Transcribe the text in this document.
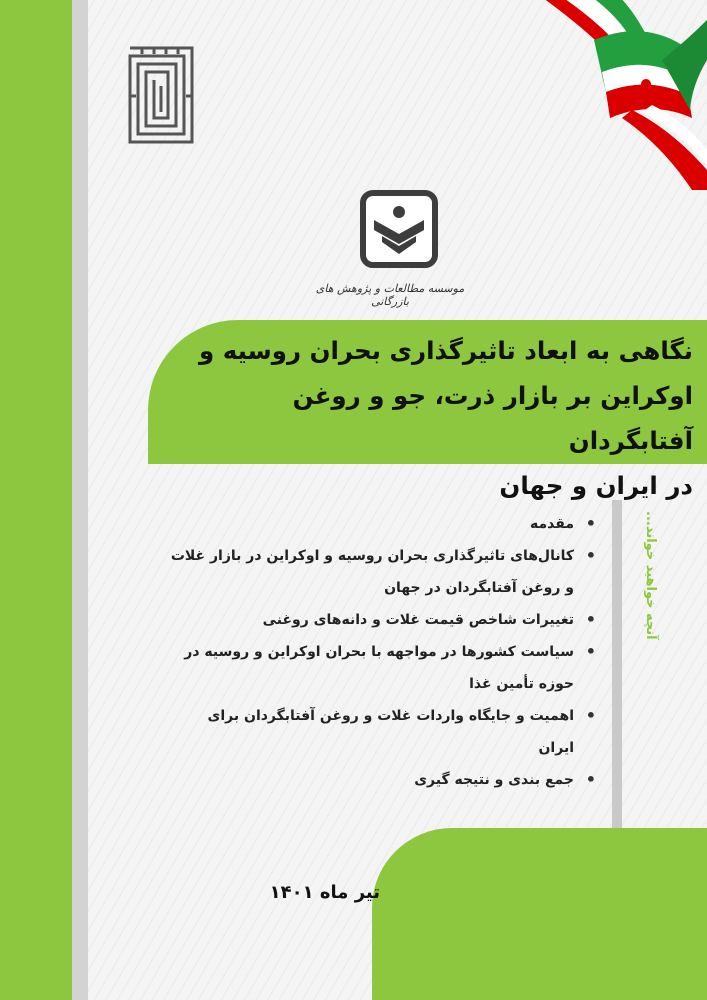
موسسه مطالعات و پژوهش های بازرگانی
نگاهی به ابعاد تاثیرگذاری بحران روسیه و
اوکراین بر بازار ذرت، جو و روغن آفتابگردان
در ایران و جهان
• مقدمه
• کانال‌های تاثیرگذاری بحران روسیه و اوکراین در بازار غلات و روغن آفتابگردان در جهان
• تغییرات شاخص قیمت غلات و دانه‌های روغنی
• سیاست کشورها در مواجهه با بحران اوکراین و روسیه در حوزه تأمین غذا
• اهمیت و جایگاه واردات غلات و روغن آفتابگردان برای ایران
• جمع بندی و نتیجه گیری
آنچه خواهید خواند...
تیر ماه ۱۴۰۱
